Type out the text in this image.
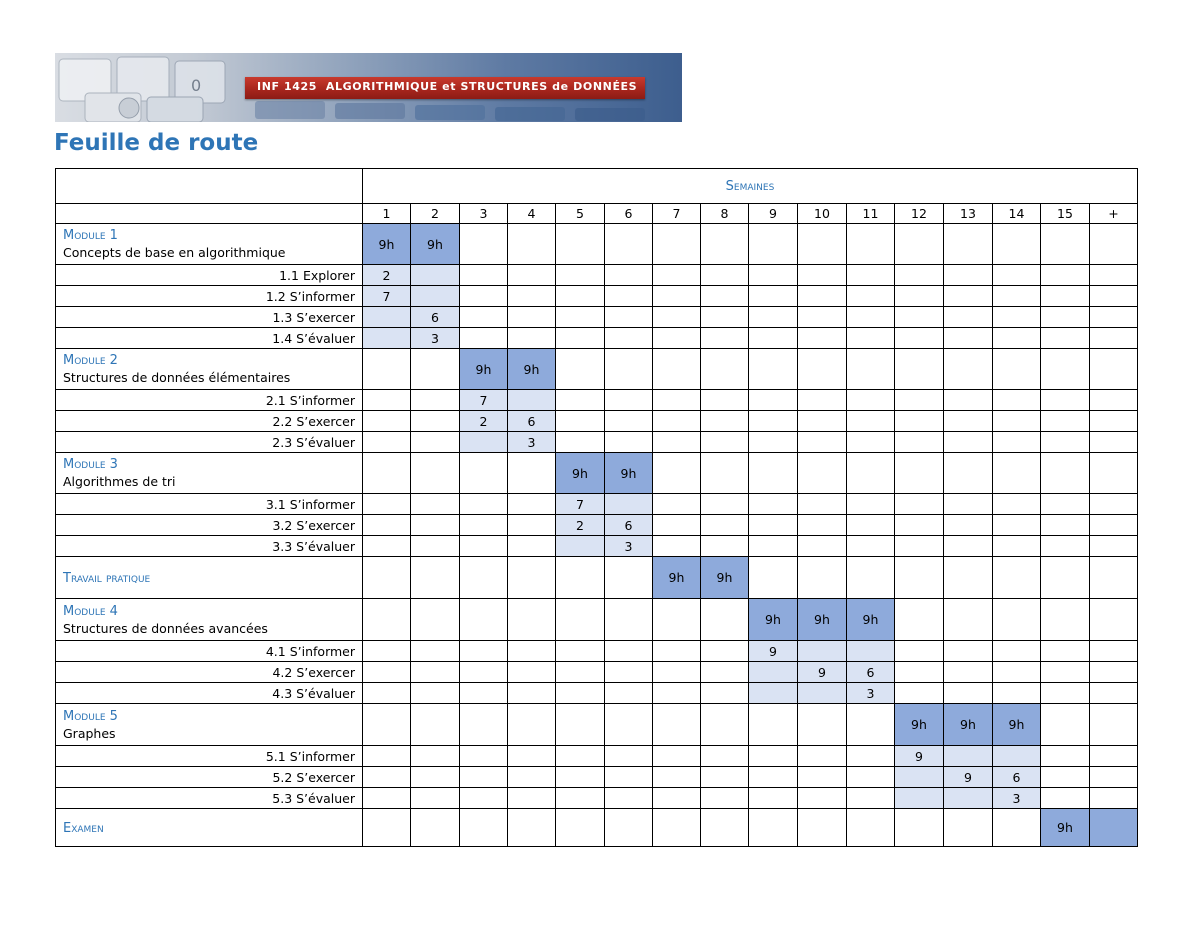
0	INF 1425 ALGORITHMIQUE et STRUCTURES de DONNÉES
Feuille de route
	Semaines															
	1	2	3	4	5	6	7	8	9	10	11	12	13	14	15	+

Module 1
Concepts de base en algorithmique	9h	9h														
1.1 Explorer	2															
1.2 S’informer	7															
1.3 S’exercer		6														
1.4 S’évaluer		3														

Module 2
Structures de données élémentaires			9h	9h												
2.1 S’informer			7													
2.2 S’exercer			2	6												
2.3 S’évaluer				3												

Module 3
Algorithmes de tri					9h	9h										
3.1 S’informer					7											
3.2 S’exercer					2	6										
3.3 S’évaluer						3										
Travail pratique							9h	9h								

Module 4
Structures de données avancées									9h	9h	9h					
4.1 S’informer									9							
4.2 S’exercer										9	6					
4.3 S’évaluer											3					

Module 5
Graphes												9h	9h	9h		
5.1 S’informer												9				
5.2 S’exercer													9	6		
5.3 S’évaluer														3		
Examen															9h	
